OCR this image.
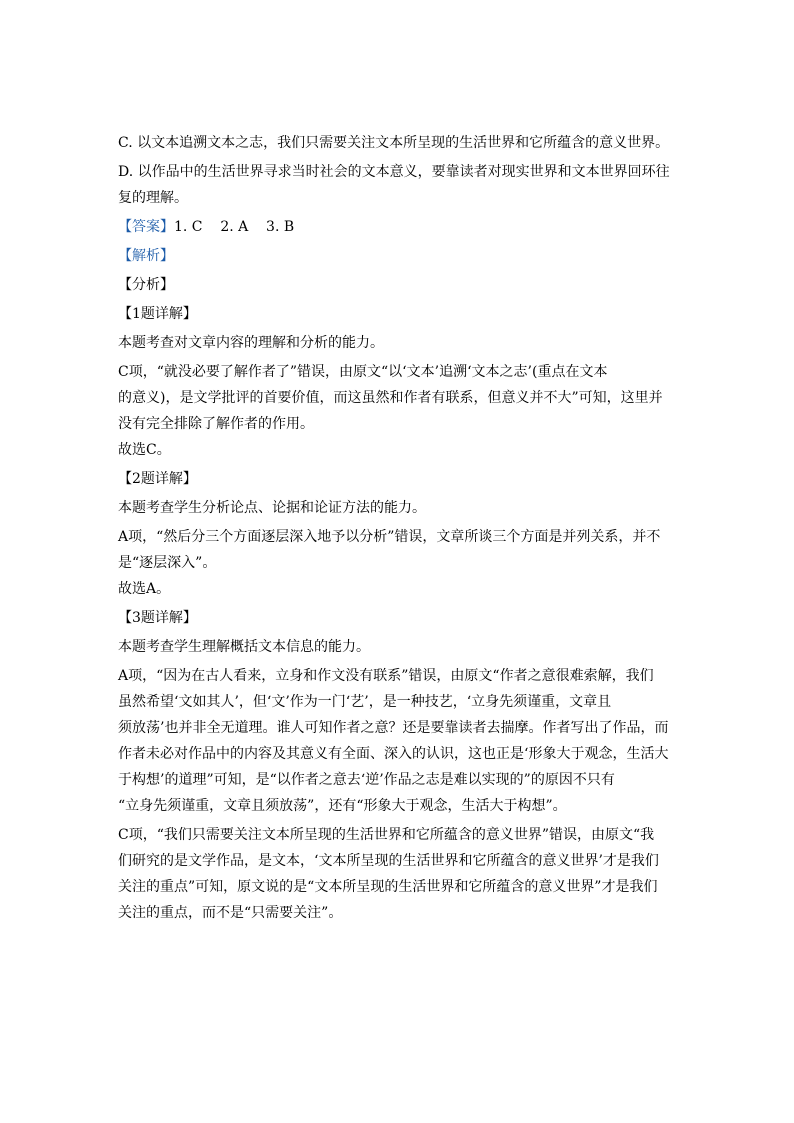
C. 以文本追溯文本之志，我们只需要关注文本所呈现的生活世界和它所蕴含的意义世界。
D. 以作品中的生活世界寻求当时社会的文本意义，要靠读者对现实世界和文本世界回环往
复的理解。
【答案】1. C    2. A    3. B
【解析】
【分析】
【1题详解】
本题考查对文章内容的理解和分析的能力。
C项，“就没必要了解作者了”错误，由原文“以‘文本’追溯‘文本之志’(重点在文本
的意义)，是文学批评的首要价值，而这虽然和作者有联系，但意义并不大”可知，这里并
没有完全排除了解作者的作用。
故选C。
【2题详解】
本题考查学生分析论点、论据和论证方法的能力。
A项，“然后分三个方面逐层深入地予以分析”错误，文章所谈三个方面是并列关系，并不
是“逐层深入”。
故选A。
【3题详解】
本题考查学生理解概括文本信息的能力。
A项，“因为在古人看来，立身和作文没有联系”错误，由原文“作者之意很难索解，我们
虽然希望‘文如其人’，但‘文’作为一门‘艺’，是一种技艺，‘立身先须谨重，文章且
须放荡’也并非全无道理。谁人可知作者之意？还是要靠读者去揣摩。作者写出了作品，而
作者未必对作品中的内容及其意义有全面、深入的认识，这也正是‘形象大于观念，生活大
于构想’的道理”可知，是“以作者之意去‘逆’作品之志是难以实现的”的原因不只有
“立身先须谨重，文章且须放荡”，还有“形象大于观念，生活大于构想”。
C项，“我们只需要关注文本所呈现的生活世界和它所蕴含的意义世界”错误，由原文“我
们研究的是文学作品，是文本，‘文本所呈现的生活世界和它所蕴含的意义世界’才是我们
关注的重点”可知，原文说的是“文本所呈现的生活世界和它所蕴含的意义世界”才是我们
关注的重点，而不是“只需要关注”。
